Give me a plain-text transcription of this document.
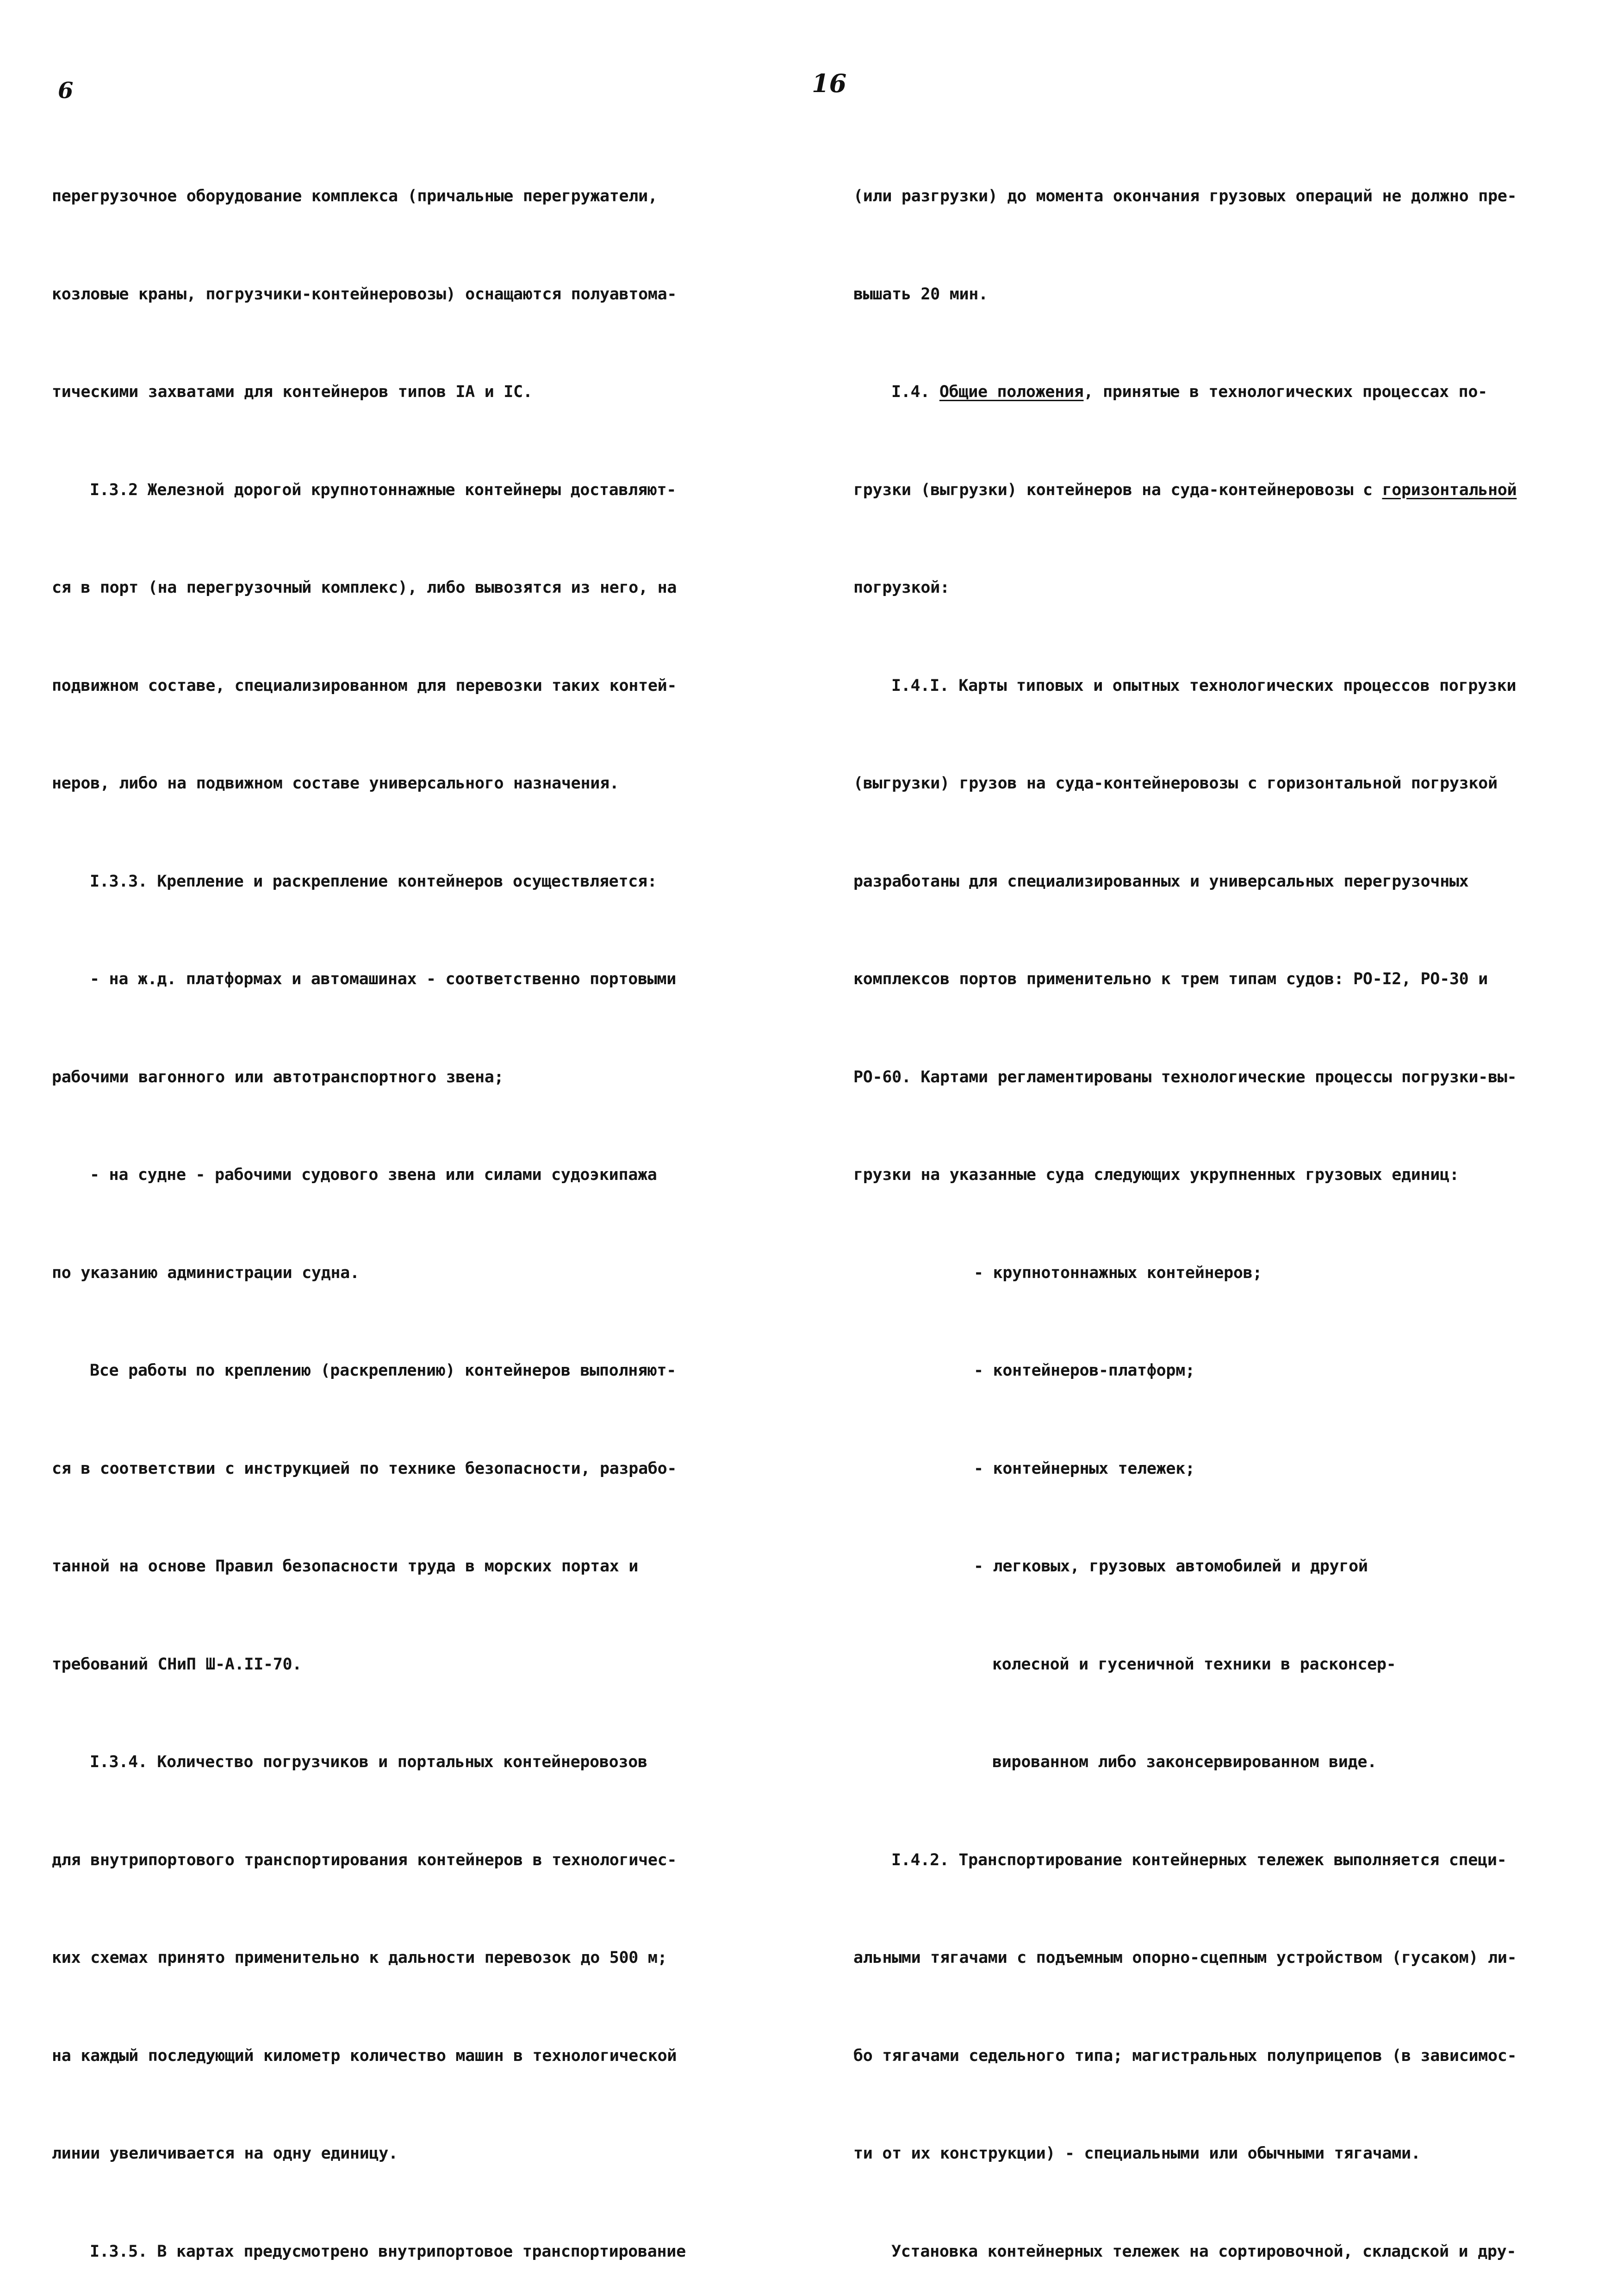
6

перегрузочное оборудование комплекса (причальные перегружатели,

козловые краны, погрузчики-контейнеровозы) оснащаются полуавтома-

тическими захватами для контейнеров типов IA и IC.

I.3.2 Железной дорогой крупнотоннажные контейнеры доставляют-

ся в порт (на перегрузочный комплекс), либо вывозятся из него, на

подвижном составе, специализированном для перевозки таких контей-

неров, либо на подвижном составе универсального назначения.

I.3.3. Крепление и раскрепление контейнеров осуществляется:

- на ж.д. платформах и автомашинах - соответственно портовыми

рабочими вагонного или автотранспортного звена;

- на судне - рабочими судового звена или силами судоэкипажа

по указанию администрации судна.

Все работы по креплению (раскреплению) контейнеров выполняют-

ся в соответствии с инструкцией по технике безопасности, разрабо-

танной на основе Правил безопасности труда в морских портах и

требований СНиП Ш-А.II-70.

I.3.4. Количество погрузчиков и портальных контейнеровозов

для внутрипортового транспортирования контейнеров в технологичес-

ких схемах принято применительно к дальности перевозок до 500 м;

на каждый последующий километр количество машин в технологической

линии увеличивается на одну единицу.

I.3.5. В картах предусмотрено внутрипортовое транспортирование

16

(или разгрузки) до момента окончания грузовых операций не должно пре-

вышать 20 мин.

I.4. Общие положения, принятые в технологических процессах по-

грузки (выгрузки) контейнеров на суда-контейнеровозы с горизонтальной

погрузкой:

I.4.I. Карты типовых и опытных технологических процессов погрузки

(выгрузки) грузов на суда-контейнеровозы с горизонтальной погрузкой

разработаны для специализированных и универсальных перегрузочных

комплексов портов применительно к трем типам судов: РО-I2, РО-30 и

РО-60. Картами регламентированы технологические процессы погрузки-вы-

грузки на указанные суда следующих укрупненных грузовых единиц:

- крупнотоннажных контейнеров;

- контейнеров-платформ;

- контейнерных тележек;

- легковых, грузовых автомобилей и другой

колесной и гусеничной техники в расконсер-

вированном либо законсервированном виде.

I.4.2. Транспортирование контейнерных тележек выполняется специ-

альными тягачами с подъемным опорно-сцепным устройством (гусаком) ли-

бо тягачами седельного типа; магистральных полуприцепов (в зависимос-

ти от их конструкции) - специальными или обычными тягачами.

Установка контейнерных тележек на сортировочной, складской и дру-
